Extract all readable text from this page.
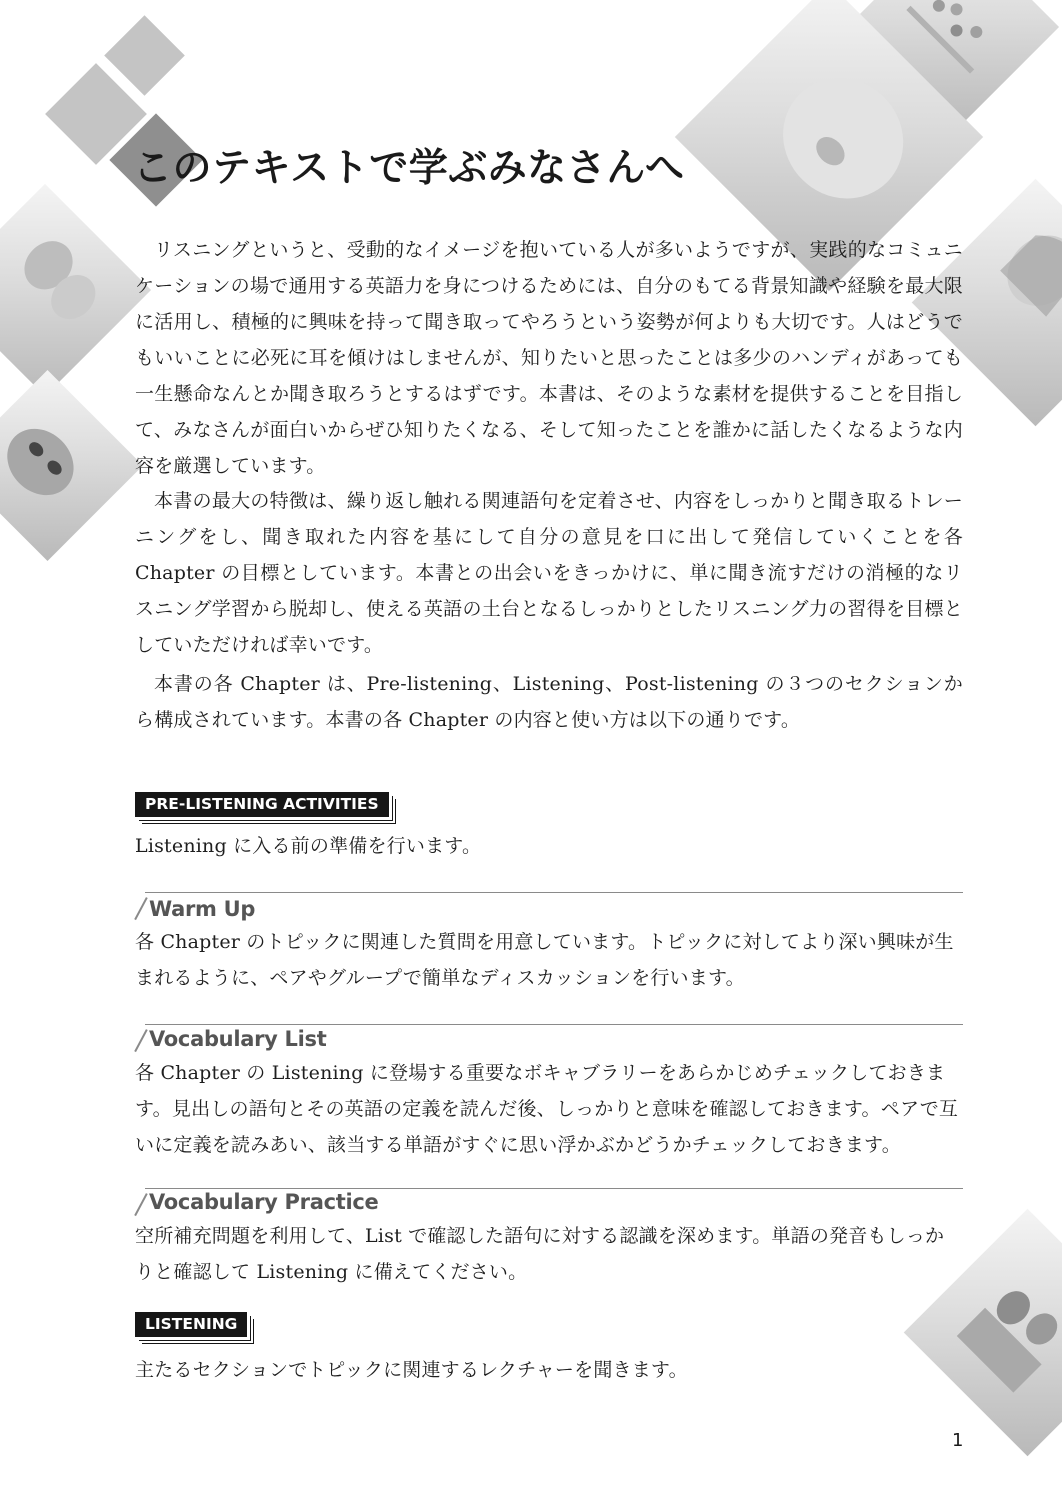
このテキストで学ぶみなさんへ

リスニングというと、受動的なイメージを抱いている人が多いようですが、実践的なコミュニケーションの場で通用する英語力を身につけるためには、自分のもてる背景知識や経験を最大限に活用し、積極的に興味を持って聞き取ってやろうという姿勢が何よりも大切です。人はどうでもいいことに必死に耳を傾けはしませんが、知りたいと思ったことは多少のハンディがあっても一生懸命なんとか聞き取ろうとするはずです。本書は、そのような素材を提供することを目指して、みなさんが面白いからぜひ知りたくなる、そして知ったことを誰かに話したくなるような内容を厳選しています。

本書の最大の特徴は、繰り返し触れる関連語句を定着させ、内容をしっかりと聞き取るトレーニングをし、聞き取れた内容を基にして自分の意見を口に出して発信していくことを各 Chapter の目標としています。本書との出会いをきっかけに、単に聞き流すだけの消極的なリスニング学習から脱却し、使える英語の土台となるしっかりとしたリスニング力の習得を目標としていただければ幸いです。

本書の各 Chapter は、Pre-listening、Listening、Post-listening の３つのセクションから構成されています。本書の各 Chapter の内容と使い方は以下の通りです。

PRE-LISTENING ACTIVITIES

Listening に入る前の準備を行います。

Warm Up

各 Chapter のトピックに関連した質問を用意しています。トピックに対してより深い興味が生まれるように、ペアやグループで簡単なディスカッションを行います。

Vocabulary List

各 Chapter の Listening に登場する重要なボキャブラリーをあらかじめチェックしておきます。見出しの語句とその英語の定義を読んだ後、しっかりと意味を確認しておきます。ペアで互いに定義を読みあい、該当する単語がすぐに思い浮かぶかどうかチェックしておきます。

Vocabulary Practice

空所補充問題を利用して、List で確認した語句に対する認識を深めます。単語の発音もしっかりと確認して Listening に備えてください。

LISTENING

主たるセクションでトピックに関連するレクチャーを聞きます。

1
